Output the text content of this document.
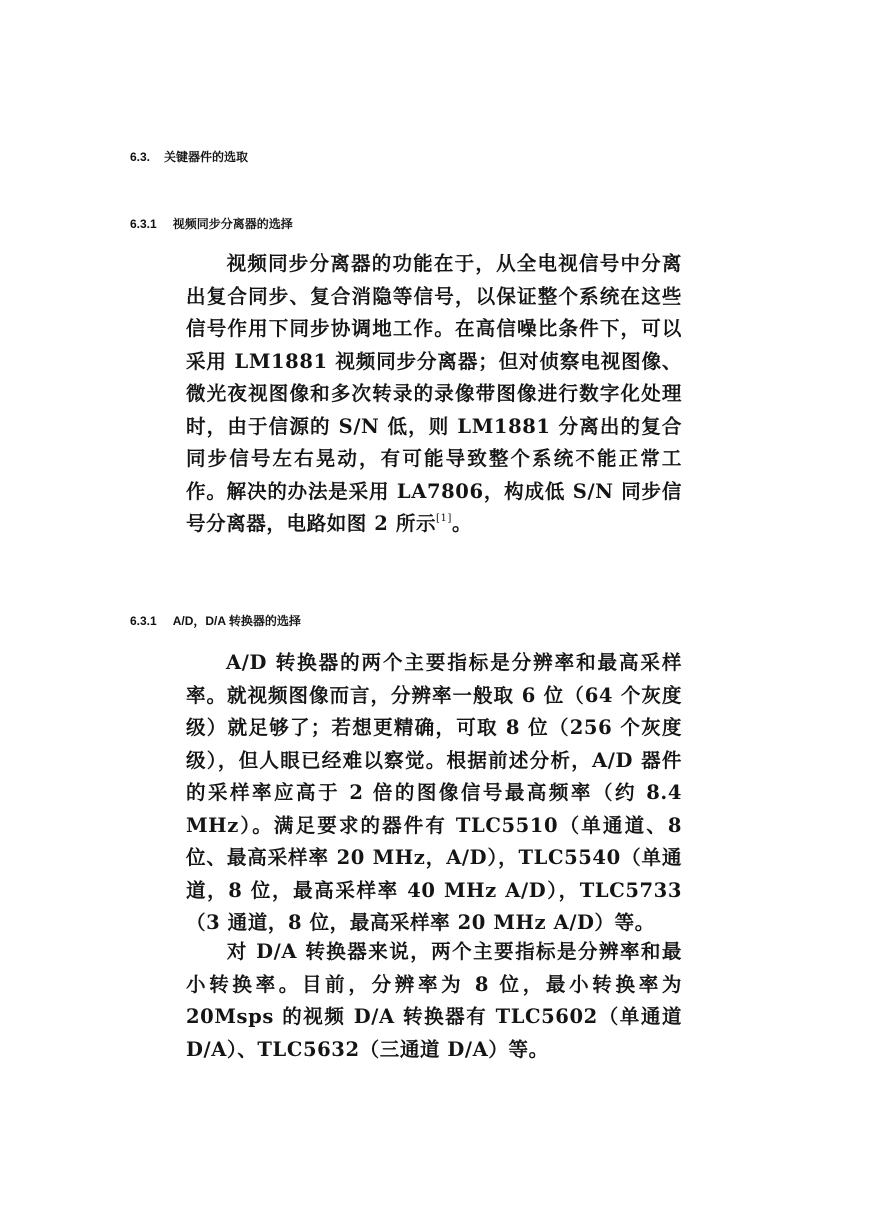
6.3. 关键器件的选取
6.3.1 视频同步分离器的选择

视频同步分离器的功能在于，从全电视信号中分离出复合同步、复合消隐等信号，以保证整个系统在这些信号作用下同步协调地工作。在高信噪比条件下，可以采用 LM1881 视频同步分离器；但对侦察电视图像、微光夜视图像和多次转录的录像带图像进行数字化处理时，由于信源的 S/N 低，则 LM1881 分离出的复合同步信号左右晃动，有可能导致整个系统不能正常工作。解决的办法是采用 LA7806，构成低 S/N 同步信号分离器，电路如图 2 所示[1]。

6.3.1 A/D，D/A 转换器的选择

A/D 转换器的两个主要指标是分辨率和最高采样率。就视频图像而言，分辨率一般取 6 位（64 个灰度级）就足够了；若想更精确，可取 8 位（256 个灰度级），但人眼已经难以察觉。根据前述分析，A/D 器件的采样率应高于 2 倍的图像信号最高频率（约 8.4 MHz）。满足要求的器件有 TLC5510（单通道、8 位、最高采样率 20 MHz，A/D），TLC5540（单通道，8 位，最高采样率 40 MHz A/D），TLC5733（3 通道，8 位，最高采样率 20 MHz A/D）等。

对 D/A 转换器来说，两个主要指标是分辨率和最小转换率。目前，分辨率为 8 位，最小转换率为 20Msps 的视频 D/A 转换器有 TLC5602（单通道 D/A）、TLC5632（三通道 D/A）等。
